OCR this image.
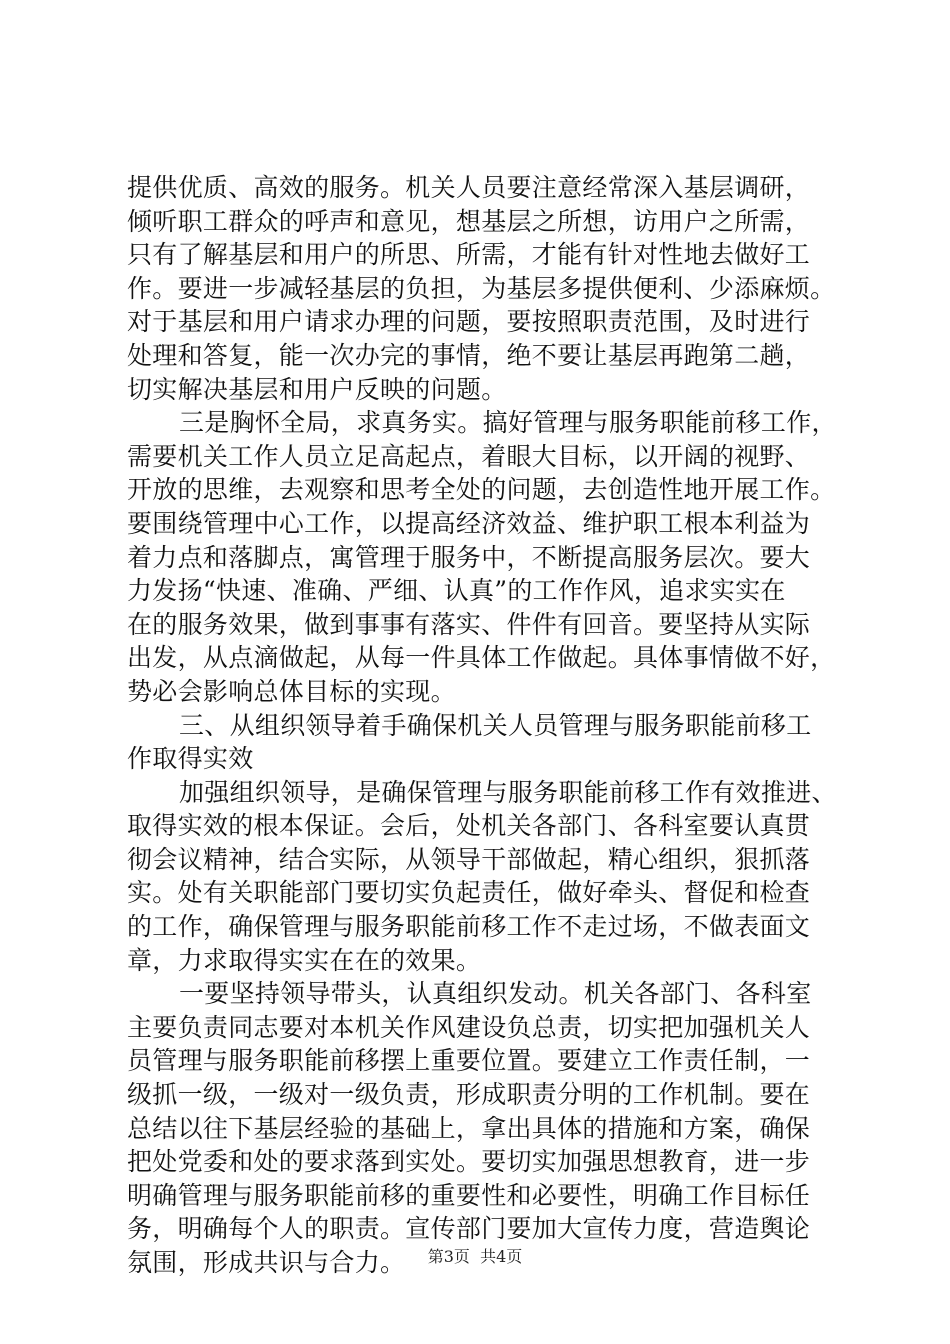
提供优质、高效的服务。机关人员要注意经常深入基层调研，
倾听职工群众的呼声和意见，想基层之所想，访用户之所需，
只有了解基层和用户的所思、所需，才能有针对性地去做好工
作。要进一步减轻基层的负担，为基层多提供便利、少添麻烦。
对于基层和用户请求办理的问题，要按照职责范围，及时进行
处理和答复，能一次办完的事情，绝不要让基层再跑第二趟，
切实解决基层和用户反映的问题。
三是胸怀全局，求真务实。搞好管理与服务职能前移工作，
需要机关工作人员立足高起点，着眼大目标，以开阔的视野、
开放的思维，去观察和思考全处的问题，去创造性地开展工作。
要围绕管理中心工作，以提高经济效益、维护职工根本利益为
着力点和落脚点，寓管理于服务中，不断提高服务层次。要大
力发扬“快速、准确、严细、认真”的工作作风，追求实实在
在的服务效果，做到事事有落实、件件有回音。要坚持从实际
出发，从点滴做起，从每一件具体工作做起。具体事情做不好，
势必会影响总体目标的实现。
三、从组织领导着手确保机关人员管理与服务职能前移工
作取得实效
加强组织领导，是确保管理与服务职能前移工作有效推进、
取得实效的根本保证。会后，处机关各部门、各科室要认真贯
彻会议精神，结合实际，从领导干部做起，精心组织，狠抓落
实。处有关职能部门要切实负起责任，做好牵头、督促和检查
的工作，确保管理与服务职能前移工作不走过场，不做表面文
章，力求取得实实在在的效果。
一要坚持领导带头，认真组织发动。机关各部门、各科室
主要负责同志要对本机关作风建设负总责，切实把加强机关人
员管理与服务职能前移摆上重要位置。要建立工作责任制，一
级抓一级，一级对一级负责，形成职责分明的工作机制。要在
总结以往下基层经验的基础上，拿出具体的措施和方案，确保
把处党委和处的要求落到实处。要切实加强思想教育，进一步
明确管理与服务职能前移的重要性和必要性，明确工作目标任
务，明确每个人的职责。宣传部门要加大宣传力度，营造舆论
氛围，形成共识与合力。	第3页  共4页
